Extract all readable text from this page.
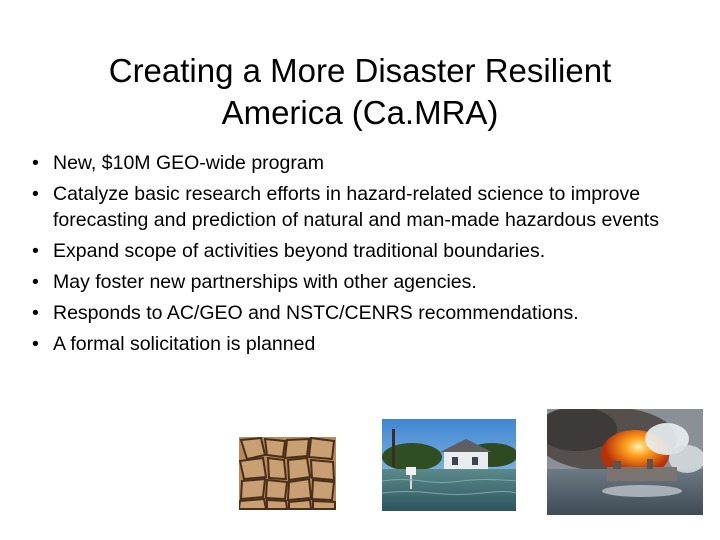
Creating a More Disaster Resilient
America (Ca.MRA)
• New, $10M GEO-wide program
• Catalyze basic research efforts in hazard-related science to improve forecasting and prediction of natural and man-made hazardous events
• Expand scope of activities beyond traditional boundaries.
• May foster new partnerships with other agencies.
• Responds to AC/GEO and NSTC/CENRS recommendations.
• A formal solicitation is planned
